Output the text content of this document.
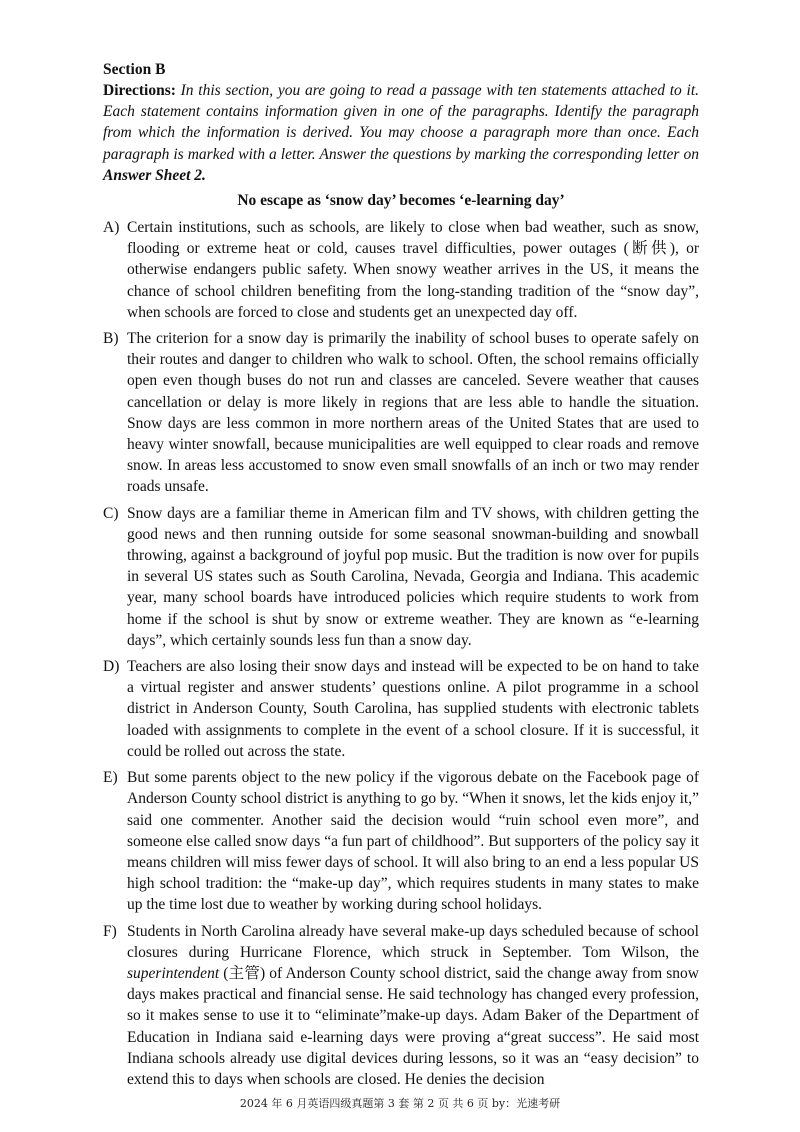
Section B

Directions: In this section, you are going to read a passage with ten statements attached to it. Each statement contains information given in one of the paragraphs. Identify the paragraph from which the information is derived. You may choose a paragraph more than once. Each paragraph is marked with a letter. Answer the questions by marking the corresponding letter on Answer Sheet 2.

No escape as ‘snow day’ becomes ‘e-learning day’

A) Certain institutions, such as schools, are likely to close when bad weather, such as snow, flooding or extreme heat or cold, causes travel difficulties, power outages (断供), or otherwise endangers public safety. When snowy weather arrives in the US, it means the chance of school children benefiting from the long-standing tradition of the “snow day”, when schools are forced to close and students get an unexpected day off.
B) The criterion for a snow day is primarily the inability of school buses to operate safely on their routes and danger to children who walk to school. Often, the school remains officially open even though buses do not run and classes are canceled. Severe weather that causes cancellation or delay is more likely in regions that are less able to handle the situation. Snow days are less common in more northern areas of the United States that are used to heavy winter snowfall, because municipalities are well equipped to clear roads and remove snow. In areas less accustomed to snow even small snowfalls of an inch or two may render roads unsafe.
C) Snow days are a familiar theme in American film and TV shows, with children getting the good news and then running outside for some seasonal snowman-building and snowball throwing, against a background of joyful pop music. But the tradition is now over for pupils in several US states such as South Carolina, Nevada, Georgia and Indiana. This academic year, many school boards have introduced policies which require students to work from home if the school is shut by snow or extreme weather. They are known as “e-learning days”, which certainly sounds less fun than a snow day.
D) Teachers are also losing their snow days and instead will be expected to be on hand to take a virtual register and answer students’ questions online. A pilot programme in a school district in Anderson County, South Carolina, has supplied students with electronic tablets loaded with assignments to complete in the event of a school closure. If it is successful, it could be rolled out across the state.
E) But some parents object to the new policy if the vigorous debate on the Facebook page of Anderson County school district is anything to go by. “When it snows, let the kids enjoy it,” said one commenter. Another said the decision would “ruin school even more”, and someone else called snow days “a fun part of childhood”. But supporters of the policy say it means children will miss fewer days of school. It will also bring to an end a less popular US high school tradition: the “make-up day”, which requires students in many states to make up the time lost due to weather by working during school holidays.
F) Students in North Carolina already have several make-up days scheduled because of school closures during Hurricane Florence, which struck in September. Tom Wilson, the superintendent (主管) of Anderson County school district, said the change away from snow days makes practical and financial sense. He said technology has changed every profession, so it makes sense to use it to “eliminate”make-up days. Adam Baker of the Department of Education in Indiana said e-learning days were proving a“great success”. He said most Indiana schools already use digital devices during lessons, so it was an “easy decision” to extend this to days when schools are closed. He denies the decision
2024 年 6 月英语四级真题第 3 套 第 2 页 共 6 页 by：光速考研
